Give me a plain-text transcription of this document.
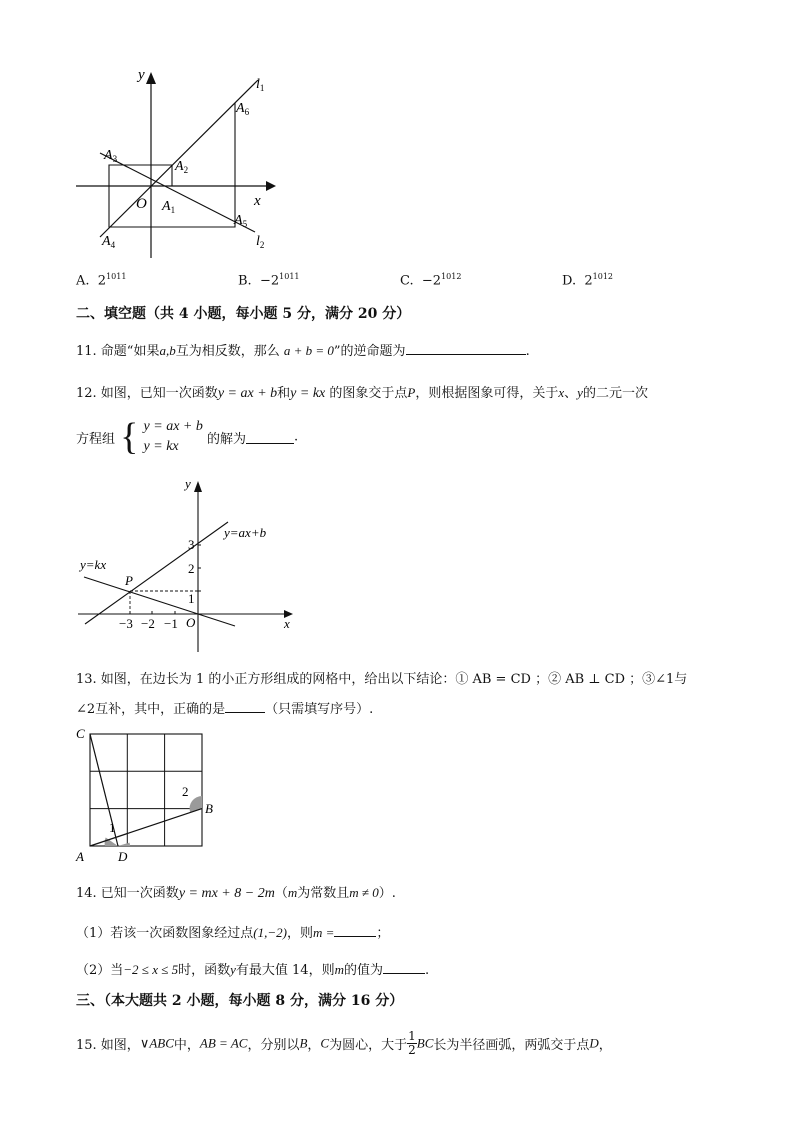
y
x
O
$l_1$
$l_2$
$A_6$
$A_2$
$A_3$
$A_1$
$A_5$
$A_4$
A. $2^{1011}$	B. $-2^{1011}$	C. $-2^{1012}$	D. $2^{1012}$
二、填空题（共 4 小题，每小题 5 分，满分 20 分）
11. 命题“如果a,b互为相反数，那么 a + b = 0”的逆命题为	.
12. 如图，已知一次函数y = ax + b和y = kx 的图象交于点P，则根据图象可得，关于x、y的二元一次
方程组 { y = ax + b
y = kx	的解为	.
y
x
O
P
y=ax+b
y=kx
−3 −2 −1
1
2
3
13. 如图，在边长为 1 的小正方形组成的网格中，给出以下结论：① AB = CD ；② AB ⊥ CD ；③∠1与
∠2互补，其中，正确的是	（只需填写序号）.
C
A	D
B
1
2
14. 已知一次函数y = mx + 8 − 2m（m为常数且m ≠ 0）.
（1）若该一次函数图象经过点(1,−2)，则m =	；
（2）当−2 ≤ x ≤ 5时，函数y有最大值 14，则m的值为	.
三、（本大题共 2 小题，每小题 8 分，满分 16 分）
15. 如图，∨ABC中，AB = AC，分别以B，C为圆心，大于 $\frac{1}{2}$ BC长为半径画弧，两弧交于点D，
